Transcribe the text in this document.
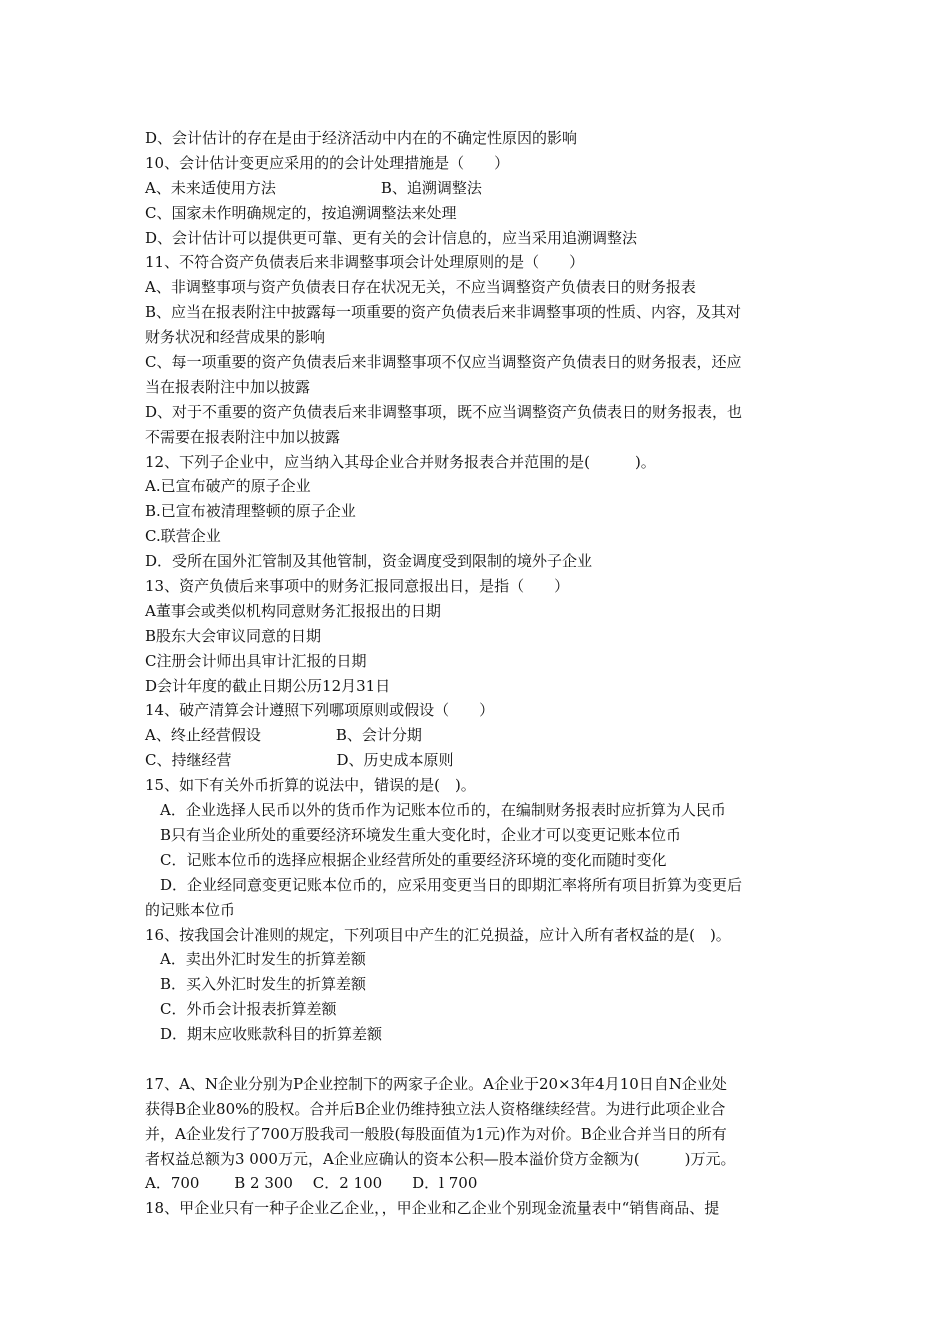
D、会计估计的存在是由于经济活动中内在的不确定性原因的影响
10、会计估计变更应采用的的会计处理措施是（　　）
A、未来适使用方法　　　　　　　B、追溯调整法
C、国家未作明确规定的，按追溯调整法来处理
D、会计估计可以提供更可靠、更有关的会计信息的，应当采用追溯调整法
11、不符合资产负债表后来非调整事项会计处理原则的是（　　）
A、非调整事项与资产负债表日存在状况无关，不应当调整资产负债表日的财务报表
B、应当在报表附注中披露每一项重要的资产负债表后来非调整事项的性质、内容，及其对
财务状况和经营成果的影响
C、每一项重要的资产负债表后来非调整事项不仅应当调整资产负债表日的财务报表，还应
当在报表附注中加以披露
D、对于不重要的资产负债表后来非调整事项，既不应当调整资产负债表日的财务报表，也
不需要在报表附注中加以披露
12、下列子企业中，应当纳入其母企业合并财务报表合并范围的是(　　　)。
A.已宣布破产的原子企业
B.已宣布被清理整顿的原子企业
C.联营企业
D．受所在国外汇管制及其他管制，资金调度受到限制的境外子企业
13、资产负债后来事项中的财务汇报同意报出日，是指（　　）
A董事会或类似机构同意财务汇报报出的日期
B股东大会审议同意的日期
C注册会计师出具审计汇报的日期
D会计年度的截止日期公历12月31日
14、破产清算会计遵照下列哪项原则或假设（　　）
A、终止经营假设　　　　　B、会计分期
C、持继经营　　　　　　　D、历史成本原则
15、如下有关外币折算的说法中，错误的是(　)。
A．企业选择人民币以外的货币作为记账本位币的，在编制财务报表时应折算为人民币
B只有当企业所处的重要经济环境发生重大变化时，企业才可以变更记账本位币
C．记账本位币的选择应根据企业经营所处的重要经济环境的变化而随时变化
D．企业经同意变更记账本位币的，应采用变更当日的即期汇率将所有项目折算为变更后
的记账本位币
16、按我国会计准则的规定，下列项目中产生的汇兑损益，应计入所有者权益的是(　)。
A．卖出外汇时发生的折算差额
B．买入外汇时发生的折算差额
C．外币会计报表折算差额
D．期末应收账款科目的折算差额
17、A、N企业分别为P企业控制下的两家子企业。A企业于20×3年4月10日自N企业处
获得B企业80%的股权。合并后B企业仍维持独立法人资格继续经营。为进行此项企业合
并，A企业发行了700万股我司一般股(每股面值为1元)作为对价。B企业合并当日的所有
者权益总额为3 000万元，A企业应确认的资本公积—股本溢价贷方金额为(　　　)万元。
A．700　　 B 2 300　 C．2 100　　D．l 700
18、甲企业只有一种子企业乙企业，，甲企业和乙企业个别现金流量表中“销售商品、提
